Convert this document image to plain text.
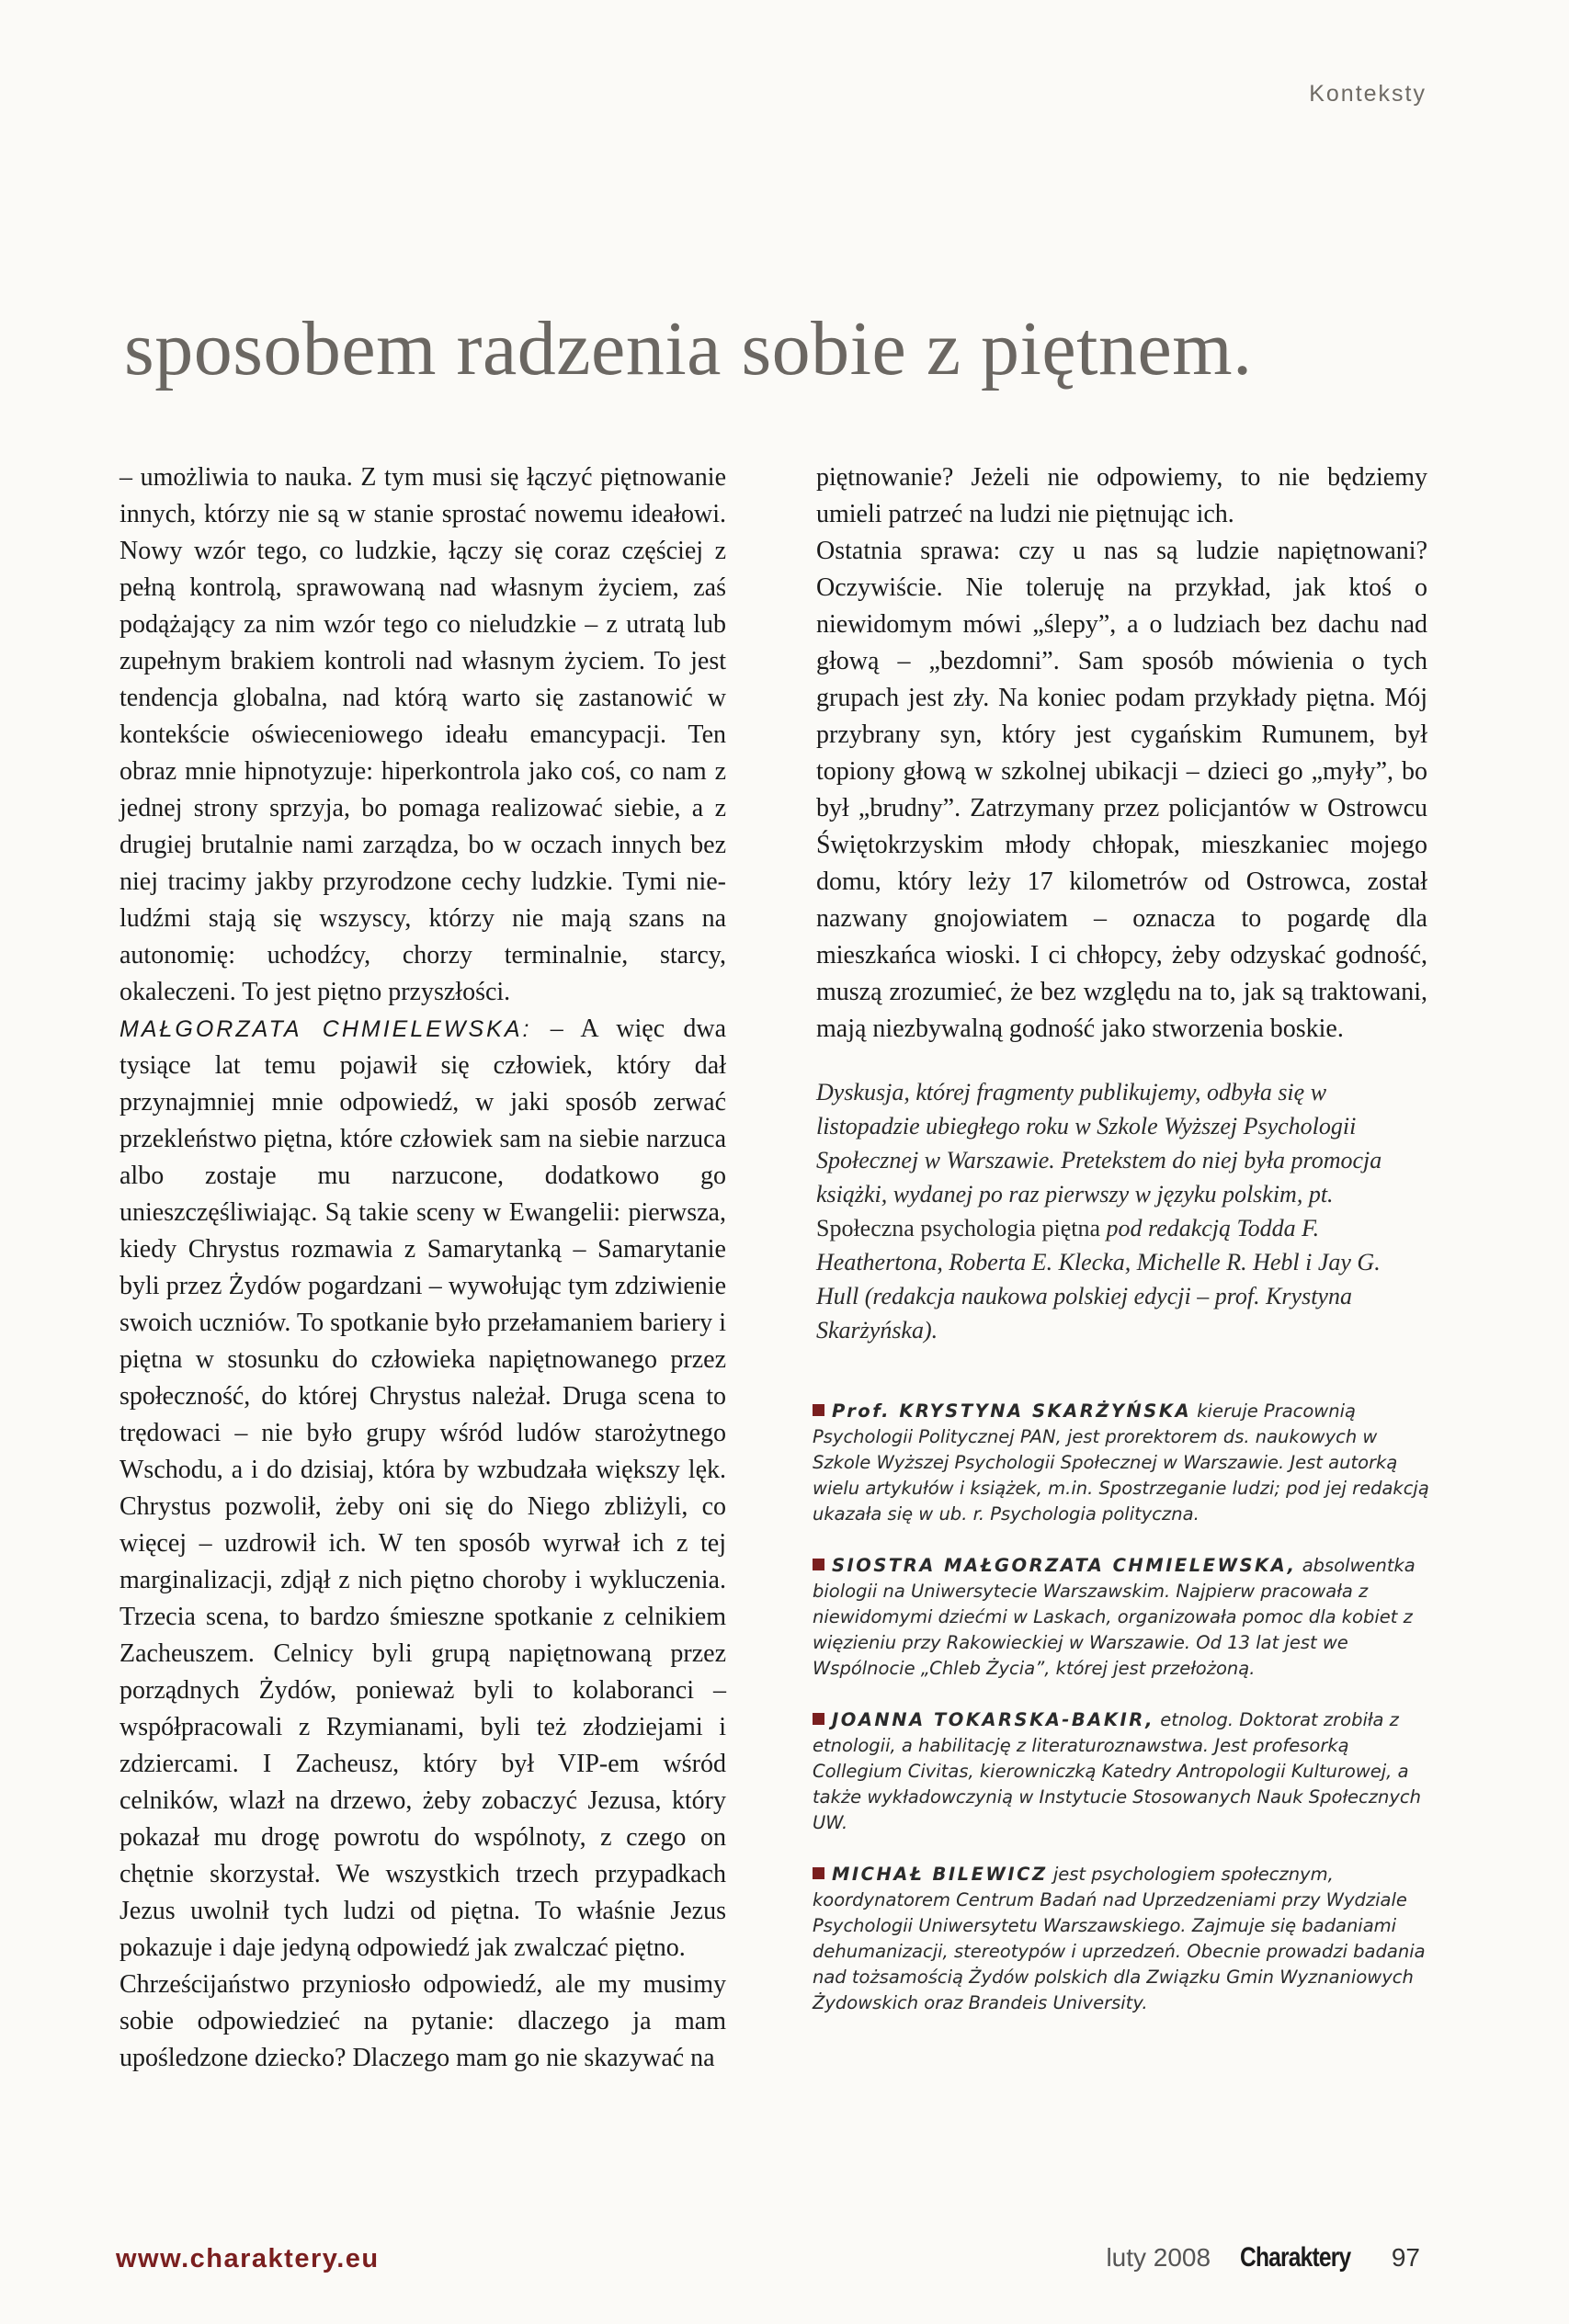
Konteksty
sposobem radzenia sobie z piętnem.

– umożliwia to nauka. Z tym musi się łączyć piętnowanie innych, którzy nie są w stanie sprostać nowemu ideałowi. Nowy wzór tego, co ludzkie, łączy się coraz częściej z pełną kontrolą, sprawowaną nad własnym życiem, zaś podążający za nim wzór tego co nieludzkie – z utratą lub zupełnym brakiem kontroli nad własnym życiem. To jest tendencja globalna, nad którą warto się zastanowić w kontekście oświeceniowego ideału emancypacji. Ten obraz mnie hipnotyzuje: hiperkontrola jako coś, co nam z jednej strony sprzyja, bo pomaga realizować siebie, a z drugiej brutalnie nami zarządza, bo w oczach innych bez niej tracimy jakby przyrodzone cechy ludzkie. Tymi nie-ludźmi stają się wszyscy, którzy nie mają szans na autonomię: uchodźcy, chorzy terminalnie, starcy, okaleczeni. To jest piętno przyszłości.

MAŁGORZATA CHMIELEWSKA: – A więc dwa tysiące lat temu pojawił się człowiek, który dał przynajmniej mnie odpowiedź, w jaki sposób zerwać przekleństwo piętna, które człowiek sam na siebie narzuca albo zostaje mu narzucone, dodatkowo go unieszczęśliwiając. Są takie sceny w Ewangelii: pierwsza, kiedy Chrystus rozmawia z Samarytanką – Samarytanie byli przez Żydów pogardzani – wywołując tym zdziwienie swoich uczniów. To spotkanie było przełamaniem bariery i piętna w stosunku do człowieka napiętnowanego przez społeczność, do której Chrystus należał. Druga scena to trędowaci – nie było grupy wśród ludów starożytnego Wschodu, a i do dzisiaj, która by wzbudzała większy lęk. Chrystus pozwolił, żeby oni się do Niego zbliżyli, co więcej – uzdrowił ich. W ten sposób wyrwał ich z tej marginalizacji, zdjął z nich piętno choroby i wykluczenia. Trzecia scena, to bardzo śmieszne spotkanie z celnikiem Zacheuszem. Celnicy byli grupą napiętnowaną przez porządnych Żydów, ponieważ byli to kolaboranci – współpracowali z Rzymianami, byli też złodziejami i zdziercami. I Zacheusz, który był VIP-em wśród celników, wlazł na drzewo, żeby zobaczyć Jezusa, który pokazał mu drogę powrotu do wspólnoty, z czego on chętnie skorzystał. We wszystkich trzech przypadkach Jezus uwolnił tych ludzi od piętna. To właśnie Jezus pokazuje i daje jedyną odpowiedź jak zwalczać piętno.

Chrześcijaństwo przyniosło odpowiedź, ale my musimy sobie odpowiedzieć na pytanie: dlaczego ja mam upośledzone dziecko? Dlaczego mam go nie skazywać na

piętnowanie? Jeżeli nie odpowiemy, to nie będziemy umieli patrzeć na ludzi nie piętnując ich.

Ostatnia sprawa: czy u nas są ludzie napiętnowani? Oczywiście. Nie toleruję na przykład, jak ktoś o niewidomym mówi „ślepy”, a o ludziach bez dachu nad głową – „bezdomni”. Sam sposób mówienia o tych grupach jest zły. Na koniec podam przykłady piętna. Mój przybrany syn, który jest cygańskim Rumunem, był topiony głową w szkolnej ubikacji – dzieci go „myły”, bo był „brudny”. Zatrzymany przez policjantów w Ostrowcu Świętokrzyskim młody chłopak, mieszkaniec mojego domu, który leży 17 kilometrów od Ostrowca, został nazwany gnojowiatem – oznacza to pogardę dla mieszkańca wioski. I ci chłopcy, żeby odzyskać godność, muszą zrozumieć, że bez względu na to, jak są traktowani, mają niezbywalną godność jako stworzenia boskie.

Dyskusja, której fragmenty publikujemy, odbyła się w listopadzie ubiegłego roku w Szkole Wyższej Psychologii Społecznej w Warszawie. Pretekstem do niej była promocja książki, wydanej po raz pierwszy w języku polskim, pt. Społeczna psychologia piętna pod redakcją Todda F. Heathertona, Roberta E. Klecka, Michelle R. Hebl i Jay G. Hull (redakcja naukowa polskiej edycji – prof. Krystyna Skarżyńska).

Prof. KRYSTYNA SKARŻYŃSKA kieruje Pracownią Psychologii Politycznej PAN, jest prorektorem ds. naukowych w Szkole Wyższej Psychologii Społecznej w Warszawie. Jest autorką wielu artykułów i książek, m.in. Spostrzeganie ludzi; pod jej redakcją ukazała się w ub. r. Psychologia polityczna.

SIOSTRA MAŁGORZATA CHMIELEWSKA, absolwentka biologii na Uniwersytecie Warszawskim. Najpierw pracowała z niewidomymi dziećmi w Laskach, organizowała pomoc dla kobiet z więzieniu przy Rakowieckiej w Warszawie. Od 13 lat jest we Wspólnocie „Chleb Życia”, której jest przełożoną.

JOANNA TOKARSKA-BAKIR, etnolog. Doktorat zrobiła z etnologii, a habilitację z literaturoznawstwa. Jest profesorką Collegium Civitas, kierowniczką Katedry Antropologii Kulturowej, a także wykładowczynią w Instytucie Stosowanych Nauk Społecznych UW.

MICHAŁ BILEWICZ jest psychologiem społecznym, koordynatorem Centrum Badań nad Uprzedzeniami przy Wydziale Psychologii Uniwersytetu Warszawskiego. Zajmuje się badaniami dehumanizacji, stereotypów i uprzedzeń. Obecnie prowadzi badania nad tożsamością Żydów polskich dla Związku Gmin Wyznaniowych Żydowskich oraz Brandeis University.

www.charaktery.eu	luty 2008 Charaktery 97
